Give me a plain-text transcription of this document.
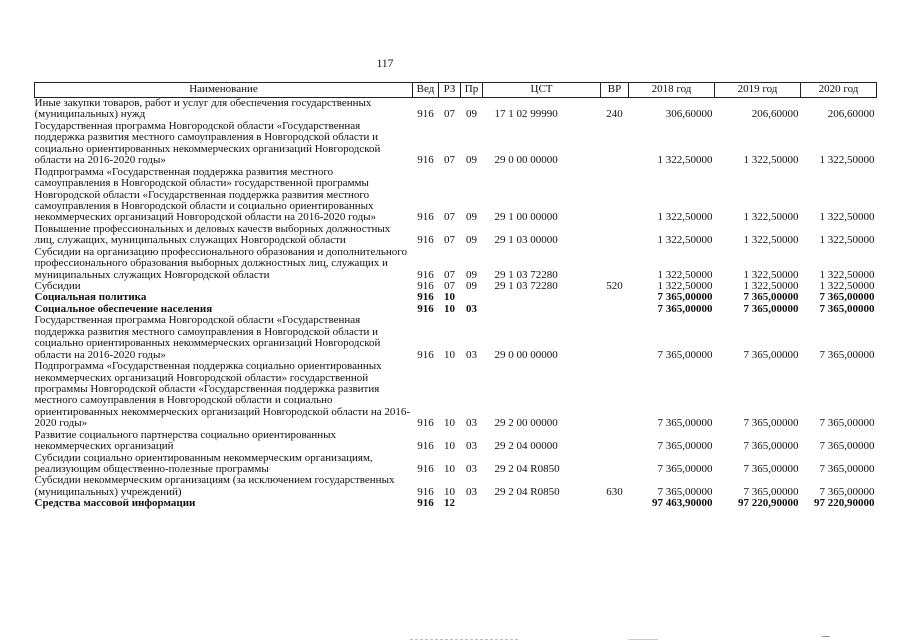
117
Наименование	Вед	РЗ	Пр	ЦСТ	ВР	2018 год	2019 год	2020 год
Иные закупки товаров, работ и услуг для обеспечения государственных (муниципальных) нужд	916	07	09	17 1 02 99990	240	306,60000	206,60000	206,60000
Государственная программа Новгородской области «Государственная поддержка развития местного самоуправления в Новгородской области и социально ориентированных некоммерческих организаций Новгородской области на 2016-2020 годы»	916	07	09	29 0 00 00000		1 322,50000	1 322,50000	1 322,50000
Подпрограмма «Государственная поддержка развития местного самоуправления в Новгородской области» государственной программы Новгородской области «Государственная поддержка развития местного самоуправления в Новгородской области и социально ориентированных некоммерческих организаций Новгородской области на 2016-2020 годы»	916	07	09	29 1 00 00000		1 322,50000	1 322,50000	1 322,50000
Повышение профессиональных и деловых качеств выборных должностных лиц, служащих, муниципальных служащих Новгородской области	916	07	09	29 1 03 00000		1 322,50000	1 322,50000	1 322,50000
Субсидии на организацию профессионального образования и дополнительного профессионального образования выборных должностных лиц, служащих и муниципальных служащих Новгородской области	916	07	09	29 1 03 72280		1 322,50000	1 322,50000	1 322,50000
Субсидии	916	07	09	29 1 03 72280	520	1 322,50000	1 322,50000	1 322,50000
Социальная политика	916	10				7 365,00000	7 365,00000	7 365,00000
Социальное обеспечение населения	916	10	03			7 365,00000	7 365,00000	7 365,00000
Государственная программа Новгородской области «Государственная поддержка развития местного самоуправления в Новгородской области и социально ориентированных некоммерческих организаций Новгородской области на 2016-2020 годы»	916	10	03	29 0 00 00000		7 365,00000	7 365,00000	7 365,00000
Подпрограмма «Государственная поддержка социально ориентированных некоммерческих организаций Новгородской области» государственной программы Новгородской области «Государственная поддержка развития местного самоуправления в Новгородской области и социально ориентированных некоммерческих организаций Новгородской области на 2016-2020 годы»	916	10	03	29 2 00 00000		7 365,00000	7 365,00000	7 365,00000
Развитие социального партнерства социально ориентированных некоммерческих организаций	916	10	03	29 2 04 00000		7 365,00000	7 365,00000	7 365,00000
Субсидии социально ориентированным некоммерческим организациям, реализующим общественно-полезные программы	916	10	03	29 2 04 R0850		7 365,00000	7 365,00000	7 365,00000
Субсидии некоммерческим организациям (за исключением государственных (муниципальных) учреждений)	916	10	03	29 2 04 R0850	630	7 365,00000	7 365,00000	7 365,00000
Средства массовой информации	916	12				97 463,90000	97 220,90000	97 220,90000
